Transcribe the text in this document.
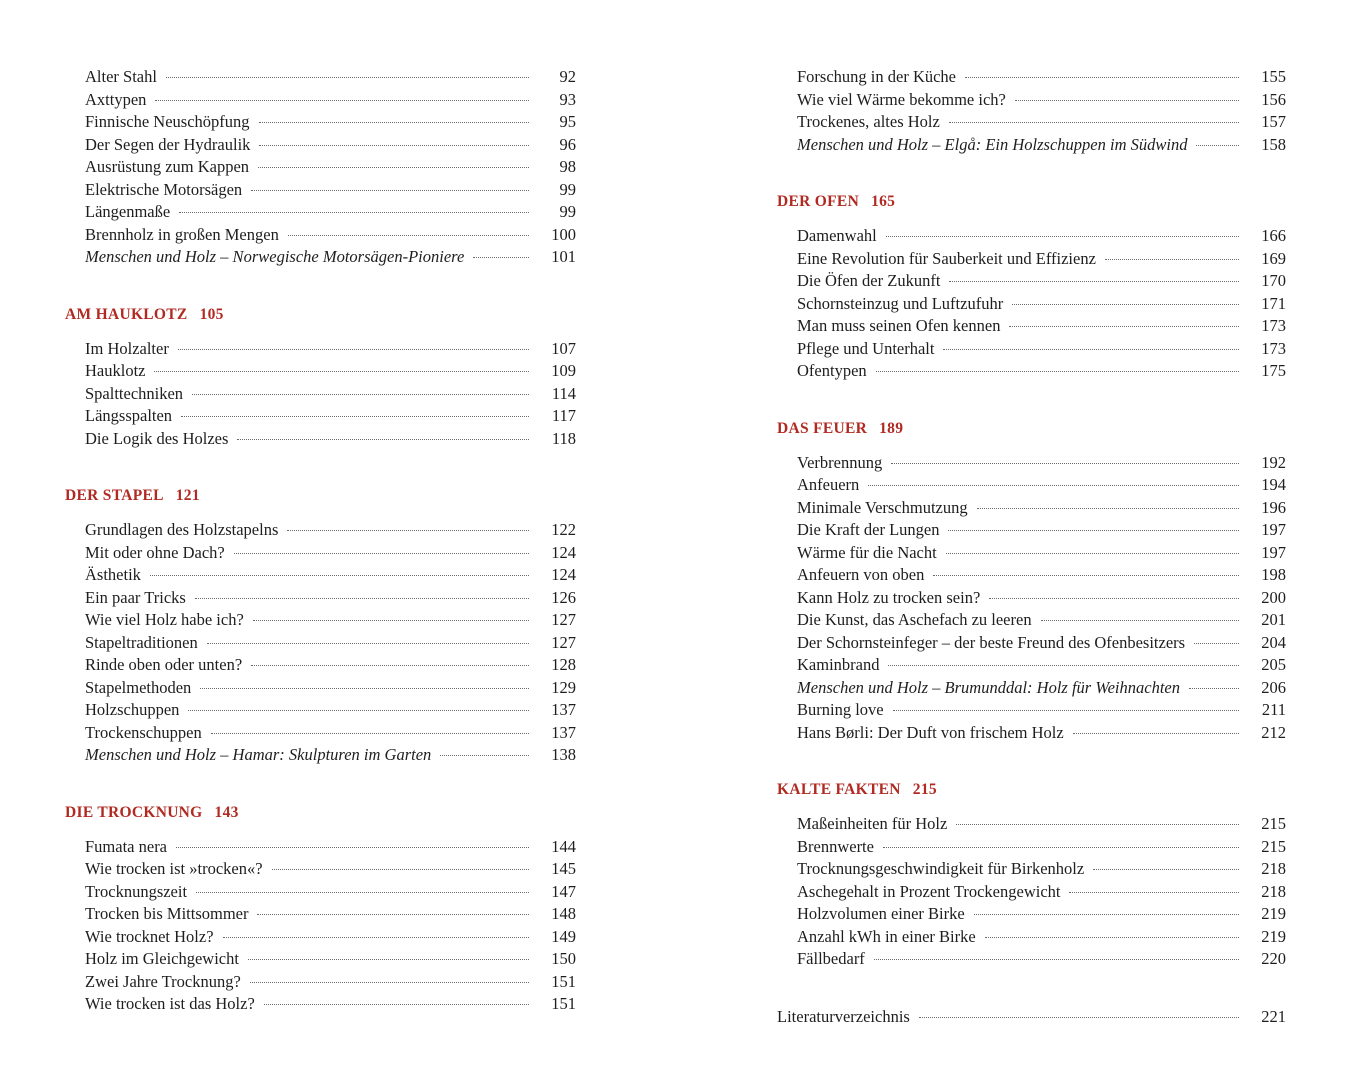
Alter Stahl	92
Axttypen	93
Finnische Neuschöpfung	95
Der Segen der Hydraulik	96
Ausrüstung zum Kappen	98
Elektrische Motorsägen	99
Längenmaße	99
Brennholz in großen Mengen	100
Menschen und Holz – Norwegische Motorsägen-Pioniere	101
AM HAUKLOTZ 105
Im Holzalter	107
Hauklotz	109
Spalttechniken	114
Längsspalten	117
Die Logik des Holzes	118
DER STAPEL 121
Grundlagen des Holzstapelns	122
Mit oder ohne Dach?	124
Ästhetik	124
Ein paar Tricks	126
Wie viel Holz habe ich?	127
Stapeltraditionen	127
Rinde oben oder unten?	128
Stapelmethoden	129
Holzschuppen	137
Trockenschuppen	137
Menschen und Holz – Hamar: Skulpturen im Garten	138
DIE TROCKNUNG 143
Fumata nera	144
Wie trocken ist »trocken«?	145
Trocknungszeit	147
Trocken bis Mittsommer	148
Wie trocknet Holz?	149
Holz im Gleichgewicht	150
Zwei Jahre Trocknung?	151
Wie trocken ist das Holz?	151
Forschung in der Küche	155
Wie viel Wärme bekomme ich?	156
Trockenes, altes Holz	157
Menschen und Holz – Elgå: Ein Holzschuppen im Südwind	158
DER OFEN 165
Damenwahl	166
Eine Revolution für Sauberkeit und Effizienz	169
Die Öfen der Zukunft	170
Schornsteinzug und Luftzufuhr	171
Man muss seinen Ofen kennen	173
Pflege und Unterhalt	173
Ofentypen	175
DAS FEUER 189
Verbrennung	192
Anfeuern	194
Minimale Verschmutzung	196
Die Kraft der Lungen	197
Wärme für die Nacht	197
Anfeuern von oben	198
Kann Holz zu trocken sein?	200
Die Kunst, das Aschefach zu leeren	201
Der Schornsteinfeger – der beste Freund des Ofenbesitzers	204
Kaminbrand	205
Menschen und Holz – Brumunddal: Holz für Weihnachten	206
Burning love	211
Hans Børli: Der Duft von frischem Holz	212
KALTE FAKTEN 215
Maßeinheiten für Holz	215
Brennwerte	215
Trocknungsgeschwindigkeit für Birkenholz	218
Aschegehalt in Prozent Trockengewicht	218
Holzvolumen einer Birke	219
Anzahl kWh in einer Birke	219
Fällbedarf	220
Literaturverzeichnis	221
